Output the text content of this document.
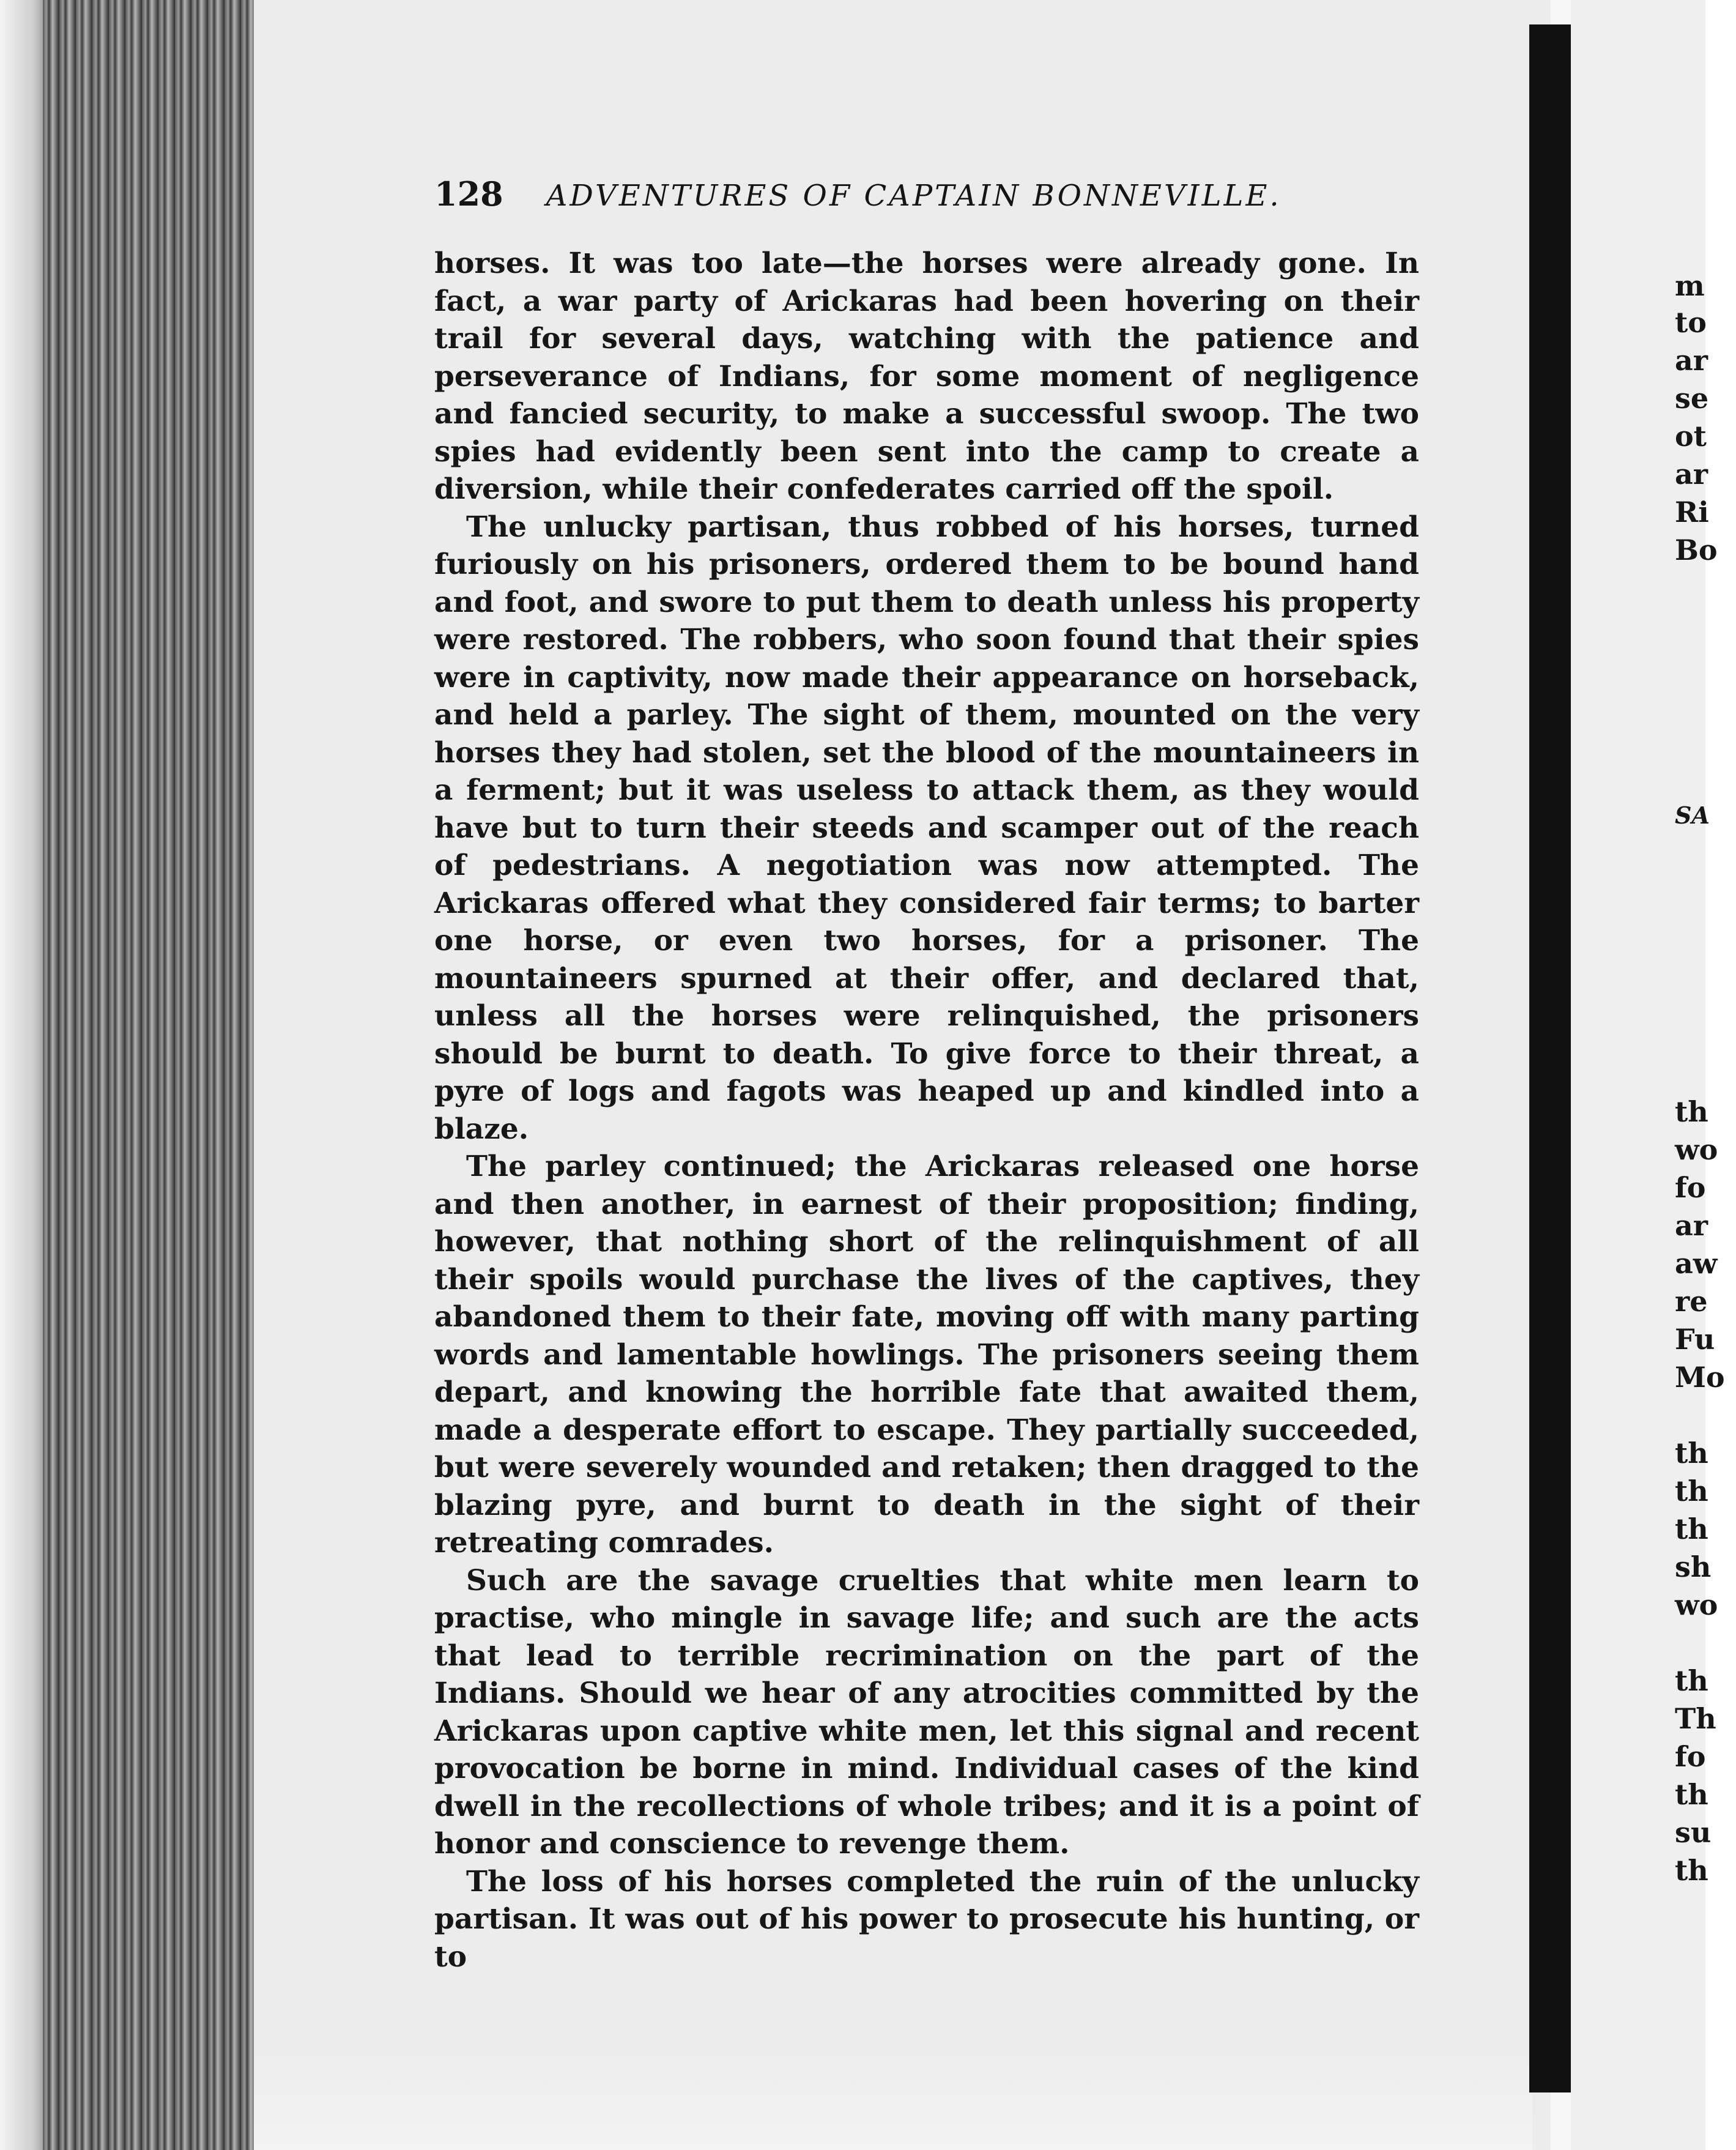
128 ADVENTURES OF CAPTAIN BONNEVILLE.

horses. It was too late—the horses were already gone. In fact, a war party of Arickaras had been hovering on their trail for several days, watching with the patience and perseverance of Indians, for some moment of negligence and fancied security, to make a successful swoop. The two spies had evidently been sent into the camp to create a diversion, while their confederates carried off the spoil.

The unlucky partisan, thus robbed of his horses, turned furiously on his prisoners, ordered them to be bound hand and foot, and swore to put them to death unless his property were restored. The robbers, who soon found that their spies were in captivity, now made their appearance on horseback, and held a parley. The sight of them, mounted on the very horses they had stolen, set the blood of the mountaineers in a ferment; but it was useless to attack them, as they would have but to turn their steeds and scamper out of the reach of pedestrians. A negotiation was now attempted. The Arickaras offered what they considered fair terms; to barter one horse, or even two horses, for a prisoner. The mountaineers spurned at their offer, and declared that, unless all the horses were relinquished, the prisoners should be burnt to death. To give force to their threat, a pyre of logs and fagots was heaped up and kindled into a blaze.

The parley continued; the Arickaras released one horse and then another, in earnest of their proposition; finding, however, that nothing short of the relinquishment of all their spoils would purchase the lives of the captives, they abandoned them to their fate, moving off with many parting words and lamentable howlings. The prisoners seeing them depart, and knowing the horrible fate that awaited them, made a desperate effort to escape. They partially succeeded, but were severely wounded and retaken; then dragged to the blazing pyre, and burnt to death in the sight of their retreating comrades.

Such are the savage cruelties that white men learn to practise, who mingle in savage life; and such are the acts that lead to terrible recrimination on the part of the Indians. Should we hear of any atrocities committed by the Arickaras upon captive white men, let this signal and recent provocation be borne in mind. Individual cases of the kind dwell in the recollections of whole tribes; and it is a point of honor and conscience to revenge them.

The loss of his horses completed the ruin of the unlucky partisan. It was out of his power to prosecute his hunting, or to

m
to
ar
se
ot
ar
Ri
Bo
SA
th
wo
fo
ar
aw
re
Fu
Mo
th
th
th
sh
wo
th
Th
fo
th
su
th
